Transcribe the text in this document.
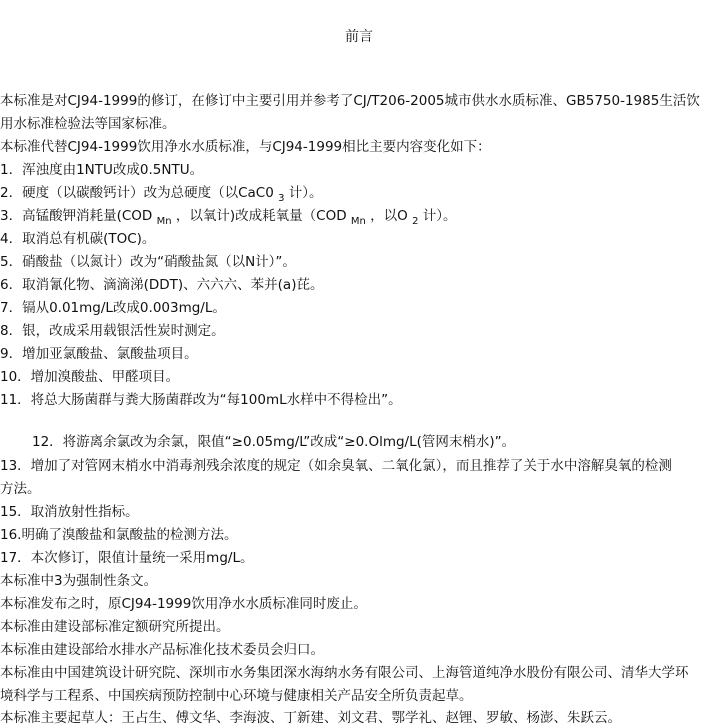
前言
本标准是对CJ94-1999的修订，在修订中主要引用并参考了CJ/T206-2005城市供水水质标准、GB5750-1985生活饮
用水标准检验法等国家标准。
本标准代替CJ94-1999饮用净水水质标准，与CJ94-1999相比主要内容变化如下：
1．浑浊度由1NTU改成0.5NTU。
2．硬度（以碳酸钙计）改为总硬度（以CaC0 $_3$ 计）。
3．高锰酸钾消耗量(COD $_{Mn}$ ，以氧计)改成耗氧量（COD $_{Mn}$ ，以O $_2$ 计）。
4．取消总有机碳(TOC)。
5．硝酸盐（以氮计）改为“硝酸盐氮（以N计）”。
6．取消氰化物、滴滴涕(DDT)、六六六、苯并(a)芘。
7．镉从0.01mg/L改成0.003mg/L。
8．银，改成采用载银活性炭时测定。
9．增加亚氯酸盐、氯酸盐项目。
10．增加溴酸盐、甲醛项目。
11．将总大肠菌群与粪大肠菌群改为“每100mL水样中不得检出”。
12．将游离余氯改为余氯，限值“≥0.05mg/L”改成“≥0.Olmg/L(管网末梢水)”。
13．增加了对管网末梢水中消毒剂残余浓度的规定（如余臭氧、二氧化氯），而且推荐了关于水中溶解臭氧的检测
方法。
15．取消放射性指标。
16.明确了溴酸盐和氯酸盐的检测方法。
17．本次修订，限值计量统一采用mg/L。
本标准中3为强制性条文。
本标准发布之时，原CJ94-1999饮用净水水质标准同时废止。
本标准由建设部标准定额研究所提出。
本标准由建设部给水排水产品标准化技术委员会归口。
本标准由中国建筑设计研究院、深圳市水务集团深水海纳水务有限公司、上海管道纯净水股份有限公司、清华大学环
境科学与工程系、中国疾病预防控制中心环境与健康相关产品安全所负责起草。
本标准主要起草人：王占生、傅文华、李海波、丁新建、刘文君、鄂学礼、赵锂、罗敏、杨澎、朱跃云。
